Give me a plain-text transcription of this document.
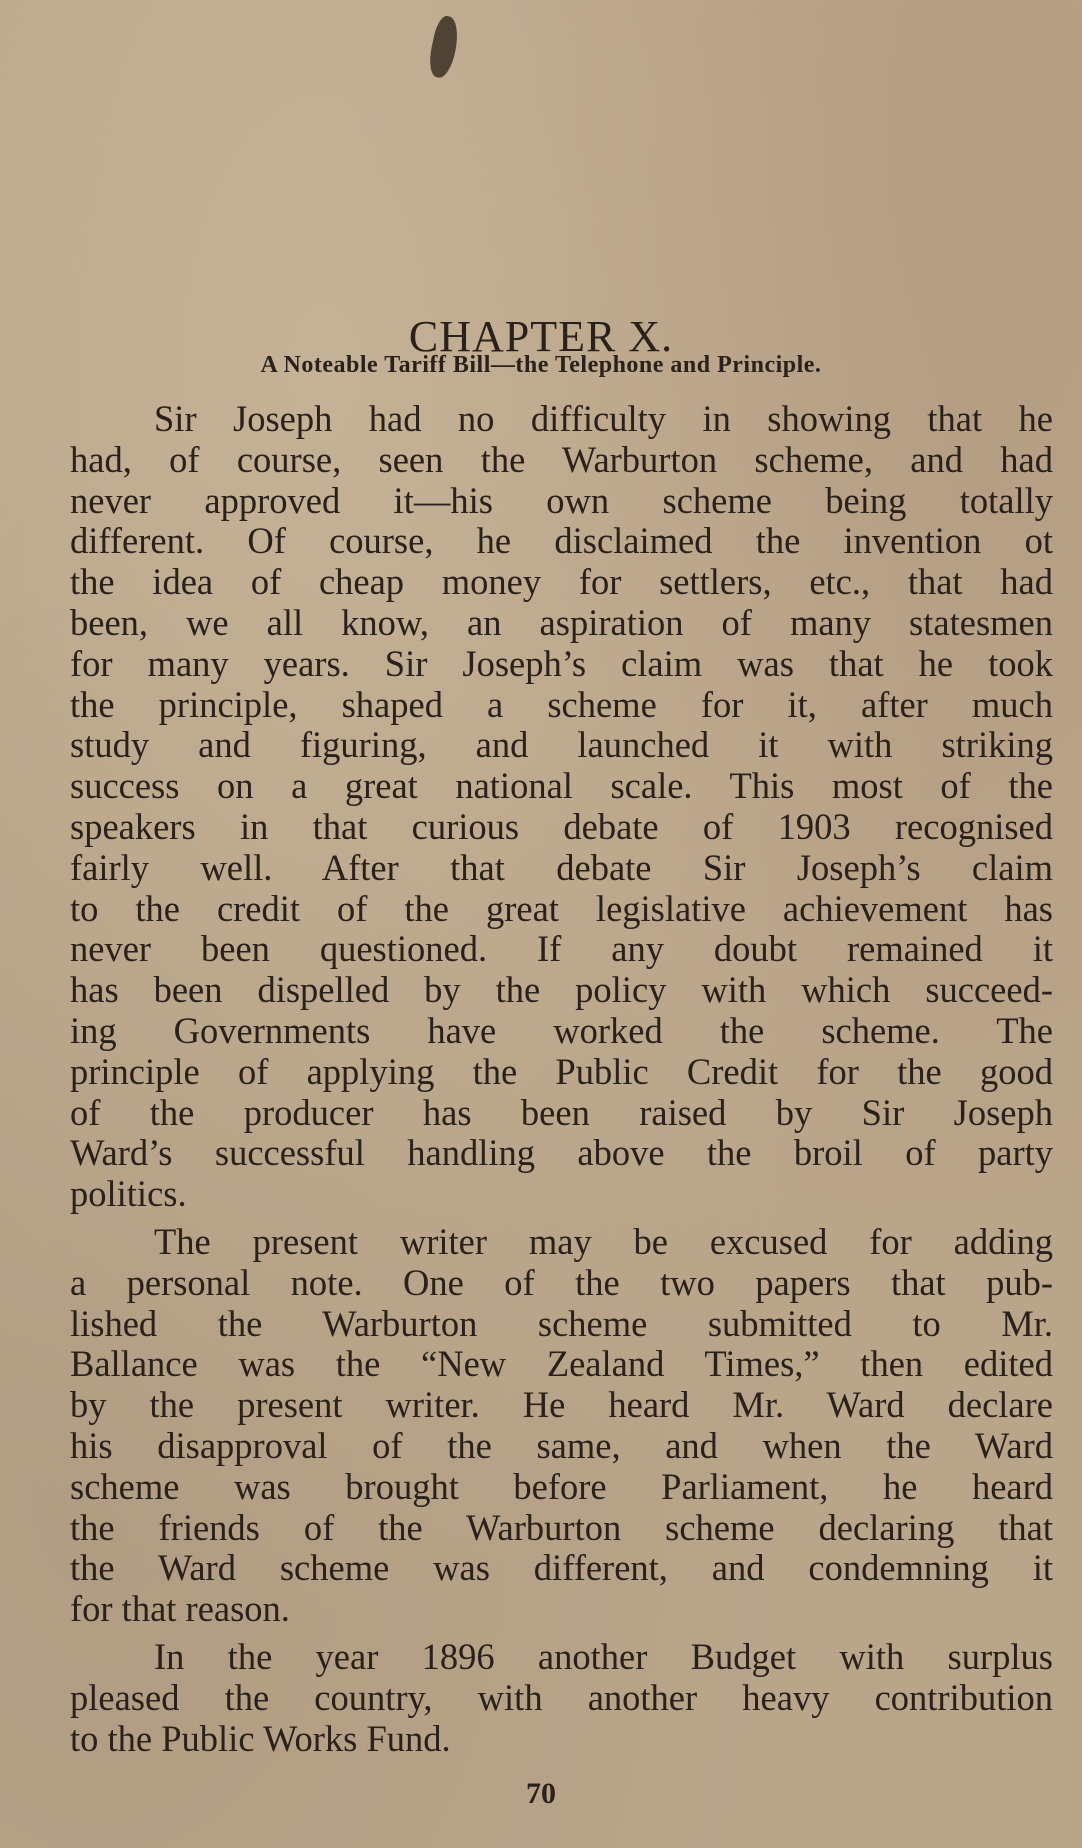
CHAPTER X.
A Noteable Tariff Bill—the Telephone and Principle.

Sir Joseph had no difficulty in showing that he
had, of course, seen the Warburton scheme, and had
never approved it—his own scheme being totally
different. Of course, he disclaimed the invention ot
the idea of cheap money for settlers, etc., that had
been, we all know, an aspiration of many statesmen
for many years. Sir Joseph’s claim was that he took
the principle, shaped a scheme for it, after much
study and figuring, and launched it with striking
success on a great national scale. This most of the
speakers in that curious debate of 1903 recognised
fairly well. After that debate Sir Joseph’s claim
to the credit of the great legislative achievement has
never been questioned. If any doubt remained it
has been dispelled by the policy with which succeed-
ing Governments have worked the scheme. The
principle of applying the Public Credit for the good
of the producer has been raised by Sir Joseph
Ward’s successful handling above the broil of party
politics.

The present writer may be excused for adding
a personal note. One of the two papers that pub-
lished the Warburton scheme submitted to Mr.
Ballance was the “New Zealand Times,” then edited
by the present writer. He heard Mr. Ward declare
his disapproval of the same, and when the Ward
scheme was brought before Parliament, he heard
the friends of the Warburton scheme declaring that
the Ward scheme was different, and condemning it
for that reason.

In the year 1896 another Budget with surplus
pleased the country, with another heavy contribution
to the Public Works Fund.

70
